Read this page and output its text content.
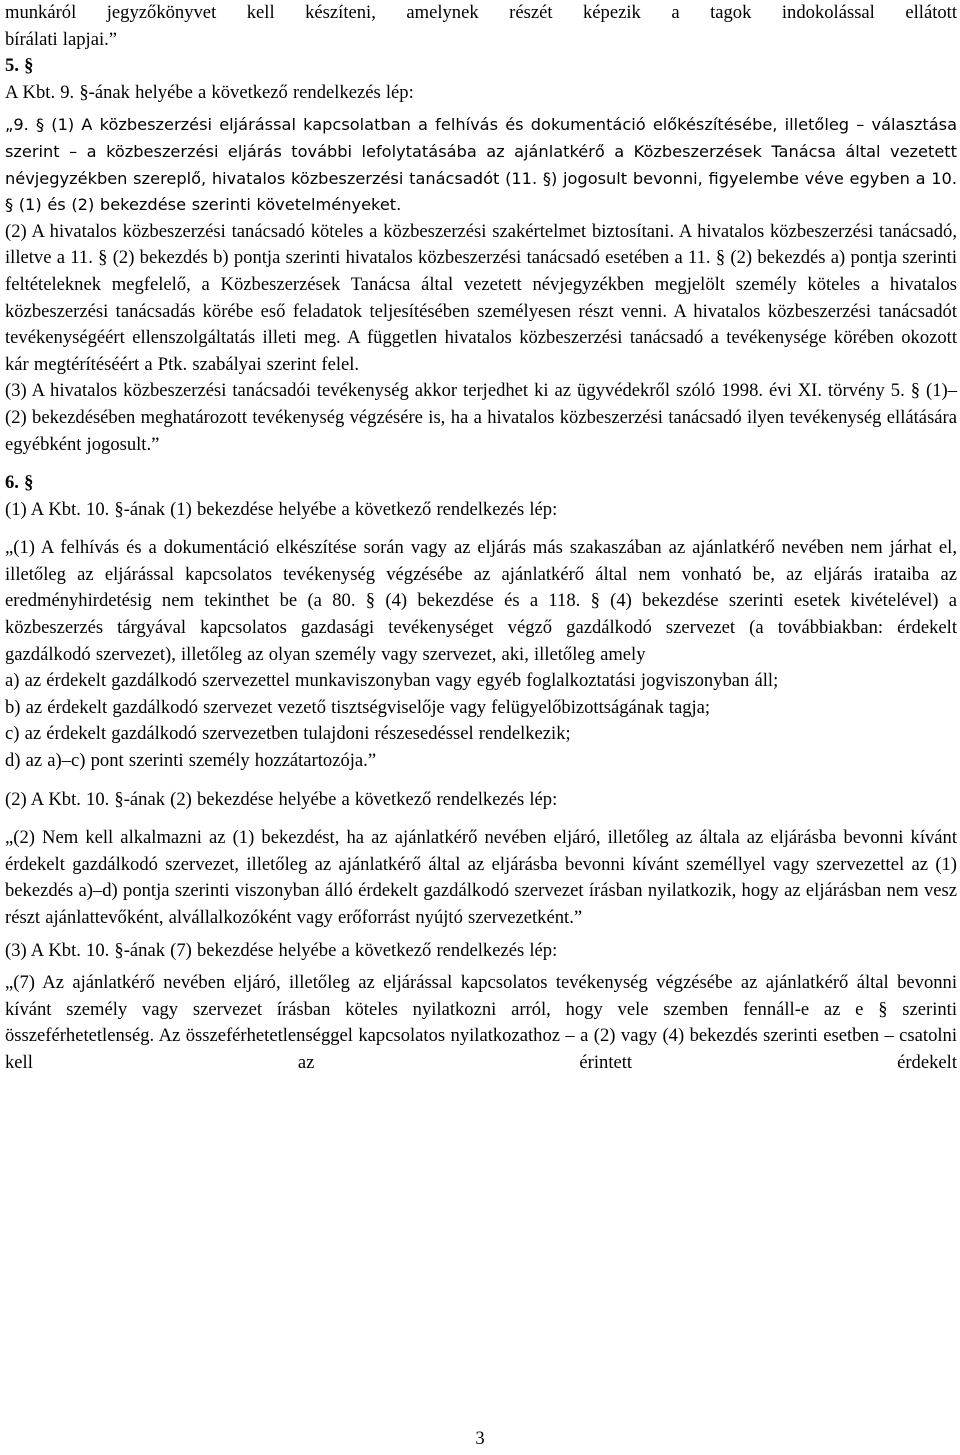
munkáról jegyzőkönyvet kell készíteni, amelynek részét képezik a tagok indokolással ellátott

bírálati lapjai.”

5. §

A Kbt. 9. §-ának helyébe a következő rendelkezés lép:

„9. § (1) A közbeszerzési eljárással kapcsolatban a felhívás és dokumentáció előkészítésébe, illetőleg – választása szerint – a közbeszerzési eljárás további lefolytatásába az ajánlatkérő a Közbeszerzések Tanácsa által vezetett névjegyzékben szereplő, hivatalos közbeszerzési tanácsadót (11. §) jogosult bevonni, figyelembe véve egyben a 10. § (1) és (2) bekezdése szerinti követelményeket.

(2) A hivatalos közbeszerzési tanácsadó köteles a közbeszerzési szakértelmet biztosítani. A hivatalos közbeszerzési tanácsadó, illetve a 11. § (2) bekezdés b) pontja szerinti hivatalos közbeszerzési tanácsadó esetében a 11. § (2) bekezdés a) pontja szerinti feltételeknek megfelelő, a Közbeszerzések Tanácsa által vezetett névjegyzékben megjelölt személy köteles a hivatalos közbeszerzési tanácsadás körébe eső feladatok teljesítésében személyesen részt venni. A hivatalos közbeszerzési tanácsadót tevékenységéért ellenszolgáltatás illeti meg. A független hivatalos közbeszerzési tanácsadó a tevékenysége körében okozott kár megtérítéséért a Ptk. szabályai szerint felel.

(3) A hivatalos közbeszerzési tanácsadói tevékenység akkor terjedhet ki az ügyvédekről szóló 1998. évi XI. törvény 5. § (1)–(2) bekezdésében meghatározott tevékenység végzésére is, ha a hivatalos közbeszerzési tanácsadó ilyen tevékenység ellátására egyébként jogosult.”

6. §

(1) A Kbt. 10. §-ának (1) bekezdése helyébe a következő rendelkezés lép:

„(1) A felhívás és a dokumentáció elkészítése során vagy az eljárás más szakaszában az ajánlatkérő nevében nem járhat el, illetőleg az eljárással kapcsolatos tevékenység végzésébe az ajánlatkérő által nem vonható be, az eljárás irataiba az eredményhirdetésig nem tekinthet be (a 80. § (4) bekezdése és a 118. § (4) bekezdése szerinti esetek kivételével) a közbeszerzés tárgyával kapcsolatos gazdasági tevékenységet végző gazdálkodó szervezet (a továbbiakban: érdekelt gazdálkodó szervezet), illetőleg az olyan személy vagy szervezet, aki, illetőleg amely

a) az érdekelt gazdálkodó szervezettel munkaviszonyban vagy egyéb foglalkoztatási jogviszonyban áll;

b) az érdekelt gazdálkodó szervezet vezető tisztségviselője vagy felügyelőbizottságának tagja;

c) az érdekelt gazdálkodó szervezetben tulajdoni részesedéssel rendelkezik;

d) az a)–c) pont szerinti személy hozzátartozója.”

(2) A Kbt. 10. §-ának (2) bekezdése helyébe a következő rendelkezés lép:

„(2) Nem kell alkalmazni az (1) bekezdést, ha az ajánlatkérő nevében eljáró, illetőleg az általa az eljárásba bevonni kívánt érdekelt gazdálkodó szervezet, illetőleg az ajánlatkérő által az eljárásba bevonni kívánt személlyel vagy szervezettel az (1) bekezdés a)–d) pontja szerinti viszonyban álló érdekelt gazdálkodó szervezet írásban nyilatkozik, hogy az eljárásban nem vesz részt ajánlattevőként, alvállalkozóként vagy erőforrást nyújtó szervezetként.”

(3) A Kbt. 10. §-ának (7) bekezdése helyébe a következő rendelkezés lép:

„(7) Az ajánlatkérő nevében eljáró, illetőleg az eljárással kapcsolatos tevékenység végzésébe az ajánlatkérő által bevonni kívánt személy vagy szervezet írásban köteles nyilatkozni arról, hogy vele szemben fennáll-e az e § szerinti összeférhetetlenség. Az összeférhetetlenséggel kapcsolatos nyilatkozathoz – a (2) vagy (4) bekezdés szerinti esetben – csatolni kell az érintett érdekelt

3
